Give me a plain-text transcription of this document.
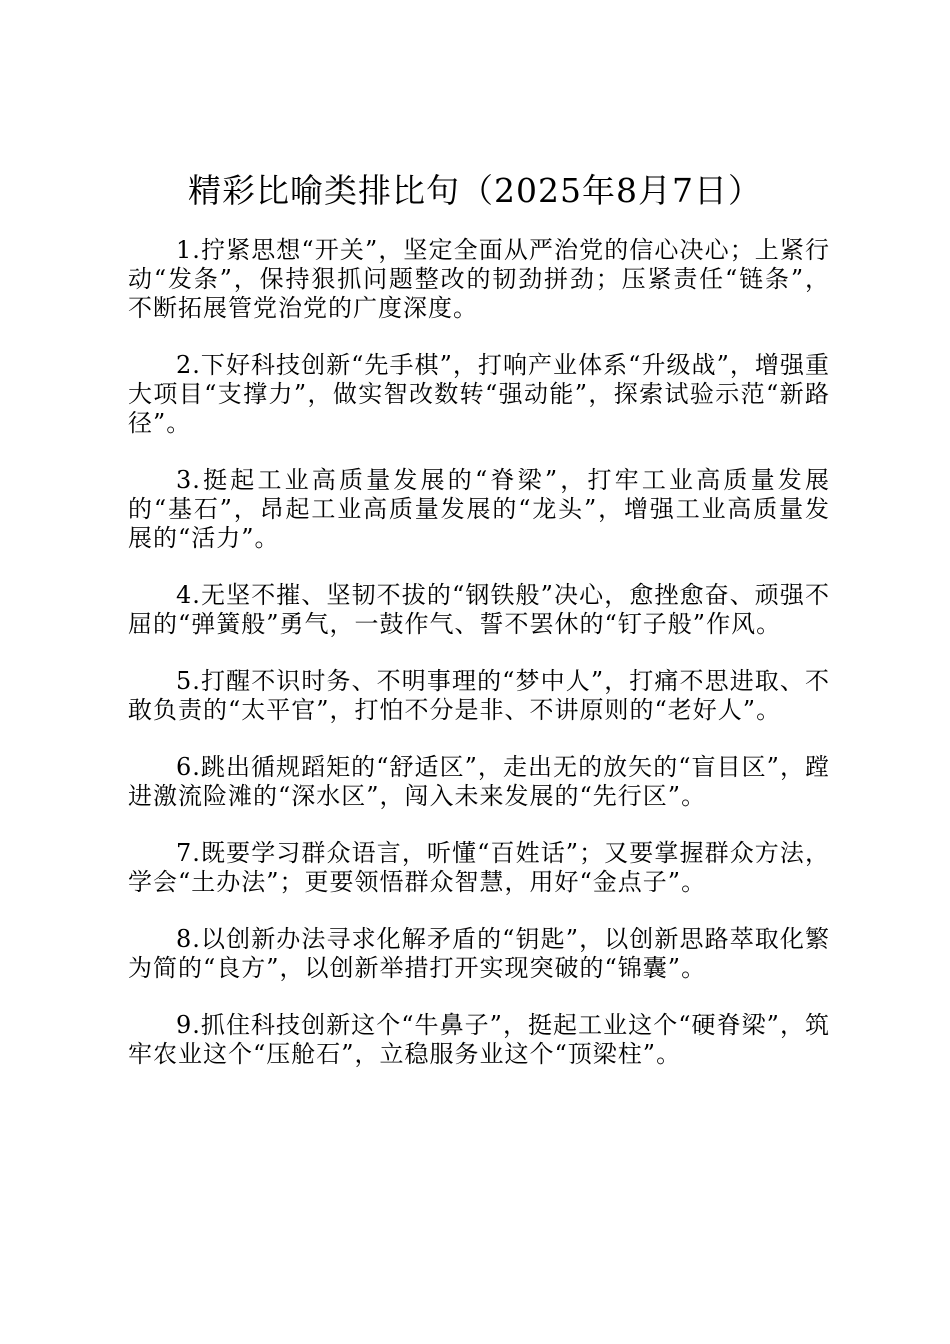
精彩比喻类排比句（2025年8月7日）

1.拧紧思想“开关”，坚定全面从严治党的信心决心；上紧行动“发条”，保持狠抓问题整改的韧劲拼劲；压紧责任“链条”，不断拓展管党治党的广度深度。

2.下好科技创新“先手棋”，打响产业体系“升级战”，增强重大项目“支撑力”，做实智改数转“强动能”，探索试验示范“新路径”。

3.挺起工业高质量发展的“脊梁”，打牢工业高质量发展的“基石”，昂起工业高质量发展的“龙头”，增强工业高质量发展的“活力”。

4.无坚不摧、坚韧不拔的“钢铁般”决心，愈挫愈奋、顽强不屈的“弹簧般”勇气，一鼓作气、誓不罢休的“钉子般”作风。

5.打醒不识时务、不明事理的“梦中人”，打痛不思进取、不敢负责的“太平官”，打怕不分是非、不讲原则的“老好人”。

6.跳出循规蹈矩的“舒适区”，走出无的放矢的“盲目区”，蹚进激流险滩的“深水区”，闯入未来发展的“先行区”。

7.既要学习群众语言，听懂“百姓话”；又要掌握群众方法，学会“土办法”；更要领悟群众智慧，用好“金点子”。

8.以创新办法寻求化解矛盾的“钥匙”，以创新思路萃取化繁为简的“良方”，以创新举措打开实现突破的“锦囊”。

9.抓住科技创新这个“牛鼻子”，挺起工业这个“硬脊梁”，筑牢农业这个“压舱石”，立稳服务业这个“顶梁柱”。
